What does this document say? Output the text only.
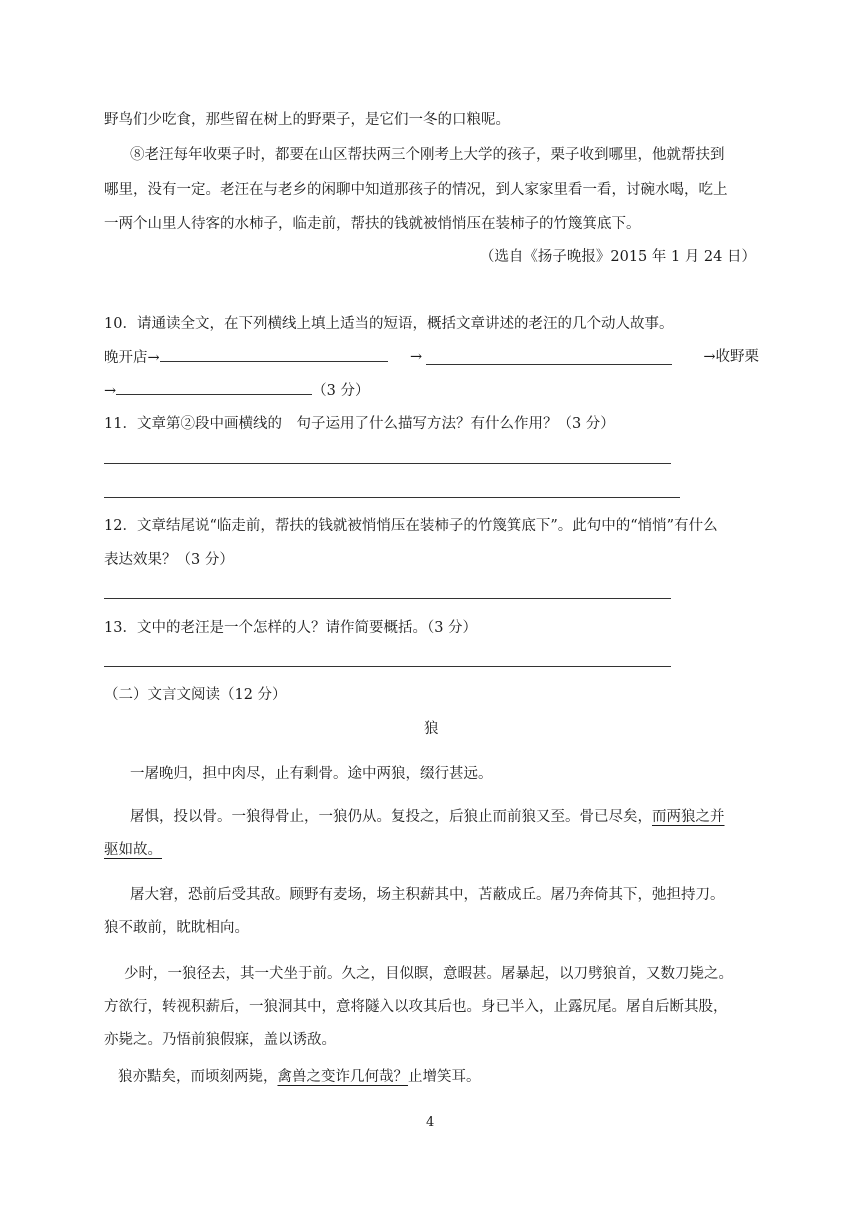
野鸟们少吃食，那些留在树上的野栗子，是它们一冬的口粮呢。
⑧老汪每年收栗子时，都要在山区帮扶两三个刚考上大学的孩子，栗子收到哪里，他就帮扶到
哪里，没有一定。老汪在与老乡的闲聊中知道那孩子的情况，到人家家里看一看，讨碗水喝，吃上
一两个山里人待客的水柿子，临走前，帮扶的钱就被悄悄压在装柿子的竹篾箕底下。
（选自《扬子晚报》2015 年 1 月 24 日）
10．请通读全文，在下列横线上填上适当的短语，概括文章讲述的老汪的几个动人故事。
晚开店→	→	→收野栗
→	（3 分）
11．文章第②段中画横线的　句子运用了什么描写方法？有什么作用？（3 分）
12．文章结尾说“临走前，帮扶的钱就被悄悄压在装柿子的竹篾箕底下”。此句中的“悄悄”有什么
表达效果？（3 分）
13．文中的老汪是一个怎样的人？请作简要概括。（3 分）
（二）文言文阅读（12 分）
狼
一屠晚归，担中肉尽，止有剩骨。途中两狼，缀行甚远。
屠惧，投以骨。一狼得骨止，一狼仍从。复投之，后狼止而前狼又至。骨已尽矣，而两狼之并
驱如故。
屠大窘，恐前后受其敌。顾野有麦场，场主积薪其中，苫蔽成丘。屠乃奔倚其下，弛担持刀。
狼不敢前，眈眈相向。
少时，一狼径去，其一犬坐于前。久之，目似瞑，意暇甚。屠暴起，以刀劈狼首，又数刀毙之。
方欲行，转视积薪后，一狼洞其中，意将隧入以攻其后也。身已半入，止露尻尾。屠自后断其股，
亦毙之。乃悟前狼假寐，盖以诱敌。
狼亦黠矣，而顷刻两毙，禽兽之变诈几何哉？止增笑耳。
4
